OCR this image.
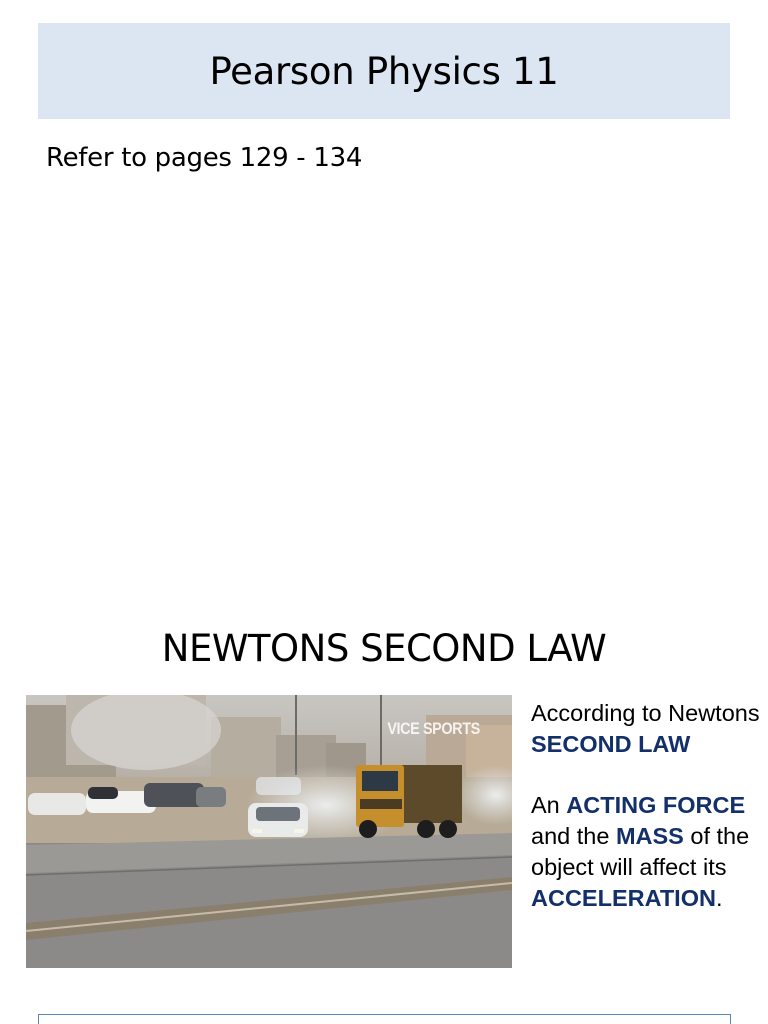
Pearson Physics 11
Refer to pages 129 - 134
NEWTONS SECOND LAW
VICE SPORTS

According to Newtons SECOND LAW

An ACTING FORCE and the MASS of the object will affect its ACCELERATION.
